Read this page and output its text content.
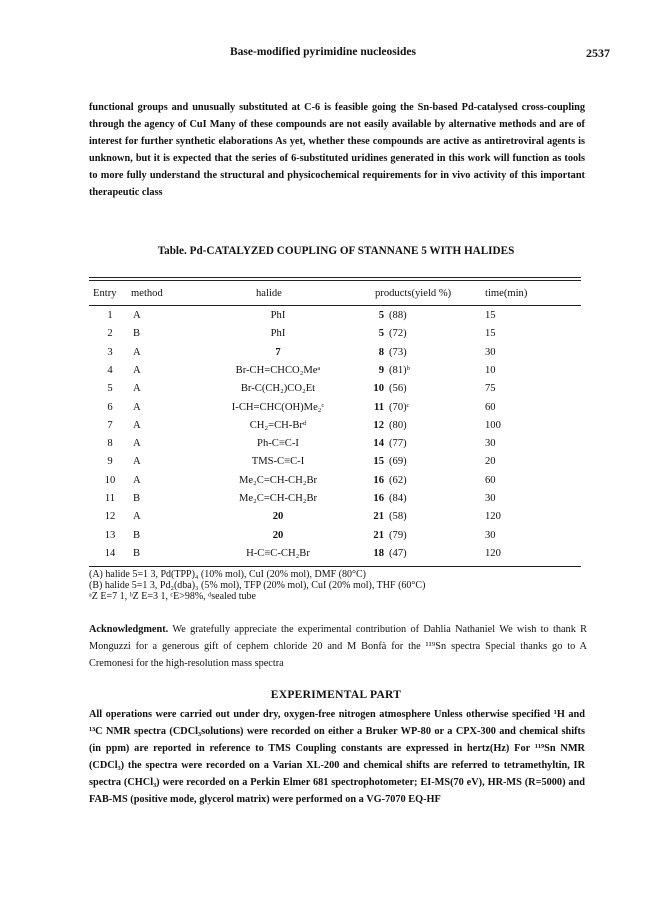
Base-modified pyrimidine nucleosides	2537
functional groups and unusually substituted at C-6 is feasible going the Sn-based Pd-catalysed cross-coupling through the agency of CuI Many of these compounds are not easily available by alternative methods and are of interest for further synthetic elaborations As yet, whether these compounds are active as antiretroviral agents is unknown, but it is expected that the series of 6-substituted uridines generated in this work will function as tools to more fully understand the structural and physicochemical requirements for in vivo activity of this important therapeutic class
Table. Pd-CATALYZED COUPLING OF STANNANE 5 WITH HALIDES
Entry method	halide	products(yield %)	time(min)
1	A	PhI	5 (88)	15
2	B	PhI	5 (72)	15
3	A	7	8 (73)	30
4	A	Br-CH=CHCO₂Meᵃ	9 (81)ᵇ	10
5	A	Br-C(CH₂)CO₂Et	10 (56)	75
6	A	I-CH=CHC(OH)Me₂ᶜ	11 (70)ᶜ	60
7	A	CH₂=CH-Brᵈ	12 (80)	100
8	A	Ph-C≡C-I	14 (77)	30
9	A	TMS-C≡C-I	15 (69)	20
10	A	Me₂C=CH-CH₂Br	16 (62)	60
11	B	Me₂C=CH-CH₂Br	16 (84)	30
12	A	20	21 (58)	120
13	B	20	21 (79)	30
14	B	H-C≡C-CH₂Br	18 (47)	120
(A) halide 5=1 3, Pd(TPP)₄ (10% mol), CuI (20% mol), DMF (80°C)
(B) halide 5=1 3, Pd₂(dba)₃ (5% mol), TFP (20% mol), CuI (20% mol), THF (60°C)
ᵃZ E=7 1, ᵇZ E=3 1, ᶜE>98%, ᵈsealed tube
Acknowledgment. We gratefully appreciate the experimental contribution of Dahlia Nathaniel We wish to thank R Monguzzi for a generous gift of cephem chloride 20 and M Bonfà for the ¹¹⁹Sn spectra Special thanks go to A Cremonesi for the high-resolution mass spectra
EXPERIMENTAL PART
All operations were carried out under dry, oxygen-free nitrogen atmosphere Unless otherwise specified ¹H and ¹³C NMR spectra (CDCl₃solutions) were recorded on either a Bruker WP-80 or a CPX-300 and chemical shifts (in ppm) are reported in reference to TMS Coupling constants are expressed in hertz(Hz) For ¹¹⁹Sn NMR (CDCl₃) the spectra were recorded on a Varian XL-200 and chemical shifts are referred to tetramethyltin, IR spectra (CHCl₃) were recorded on a Perkin Elmer 681 spectrophotometer; EI-MS(70 eV), HR-MS (R=5000) and FAB-MS (positive mode, glycerol matrix) were performed on a VG-7070 EQ-HF
